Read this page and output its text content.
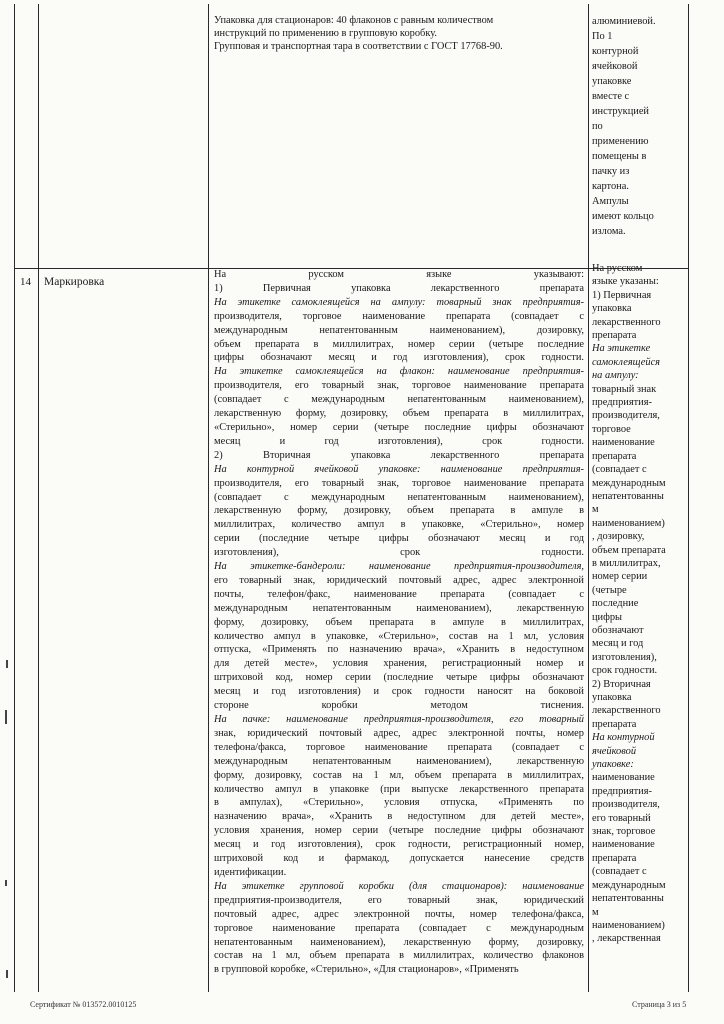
Упаковка для стационаров: 40 флаконов с равным количеством

инструкций по применению в групповую коробку.

Групповая и транспортная тара в соответствии с ГОСТ 17768-90.

алюминиевой.

По 1

контурной

ячейковой

упаковке

вместе с

инструкцией

по

применению

помещены в

пачку из

картона.

Ампулы

имеют кольцо

излома.

14 Маркировка

На русском языке указывают:

1) Первичная упаковка лекарственного препарата

На этикетке самоклеящейся на ампулу: товарный знак предприятия-

производителя, торговое наименование препарата (совпадает с

международным непатентованным наименованием), дозировку,

объем препарата в миллилитрах, номер серии (четыре последние

цифры обозначают месяц и год изготовления), срок годности.

На этикетке самоклеящейся на флакон: наименование предприятия-

производителя, его товарный знак, торговое наименование препарата

(совпадает с международным непатентованным наименованием),

лекарственную форму, дозировку, объем препарата в миллилитрах,

«Стерильно», номер серии (четыре последние цифры обозначают

месяц и год изготовления), срок годности.

2) Вторичная упаковка лекарственного препарата

На контурной ячейковой упаковке: наименование предприятия-

производителя, его товарный знак, торговое наименование препарата

(совпадает с международным непатентованным наименованием),

лекарственную форму, дозировку, объем препарата в ампуле в

миллилитрах, количество ампул в упаковке, «Стерильно», номер

серии (последние четыре цифры обозначают месяц и год

изготовления), срок годности.

На этикетке-бандероли: наименование предприятия-производителя,

его товарный знак, юридический почтовый адрес, адрес электронной

почты, телефон/факс, наименование препарата (совпадает с

международным непатентованным наименованием), лекарственную

форму, дозировку, объем препарата в ампуле в миллилитрах,

количество ампул в упаковке, «Стерильно», состав на 1 мл, условия

отпуска, «Применять по назначению врача», «Хранить в недоступном

для детей месте», условия хранения, регистрационный номер и

штриховой код, номер серии (последние четыре цифры обозначают

месяц и год изготовления) и срок годности наносят на боковой

стороне коробки методом тиснения.

На пачке: наименование предприятия-производителя, его товарный

знак, юридический почтовый адрес, адрес электронной почты, номер

телефона/факса, торговое наименование препарата (совпадает с

международным непатентованным наименованием), лекарственную

форму, дозировку, состав на 1 мл, объем препарата в миллилитрах,

количество ампул в упаковке (при выпуске лекарственного препарата

в ампулах), «Стерильно», условия отпуска, «Применять по

назначению врача», «Хранить в недоступном для детей месте»,

условия хранения, номер серии (четыре последние цифры обозначают

месяц и год изготовления), срок годности, регистрационный номер,

штриховой код и фармакод, допускается нанесение средств

идентификации.

На этикетке групповой коробки (для стационаров): наименование

предприятия-производителя, его товарный знак, юридический

почтовый адрес, адрес электронной почты, номер телефона/факса,

торговое наименование препарата (совпадает с международным

непатентованным наименованием), лекарственную форму, дозировку,

состав на 1 мл, объем препарата в миллилитрах, количество флаконов

в групповой коробке, «Стерильно», «Для стационаров», «Применять

На русском

языке указаны:

1) Первичная

упаковка

лекарственного

препарата

На этикетке

самоклеящейся

на ампулу:

товарный знак

предприятия-

производителя,

торговое

наименование

препарата

(совпадает с

международным

непатентованны

м

наименованием)

, дозировку,

объем препарата

в миллилитрах,

номер серии

(четыре

последние

цифры

обозначают

месяц и год

изготовления),

срок годности.

2) Вторичная

упаковка

лекарственного

препарата

На контурной

ячейковой

упаковке:

наименование

предприятия-

производителя,

его товарный

знак, торговое

наименование

препарата

(совпадает с

международным

непатентованны

м

наименованием)

, лекарственная

Сертификат № 013572.0010125	Страница 3 из 5
